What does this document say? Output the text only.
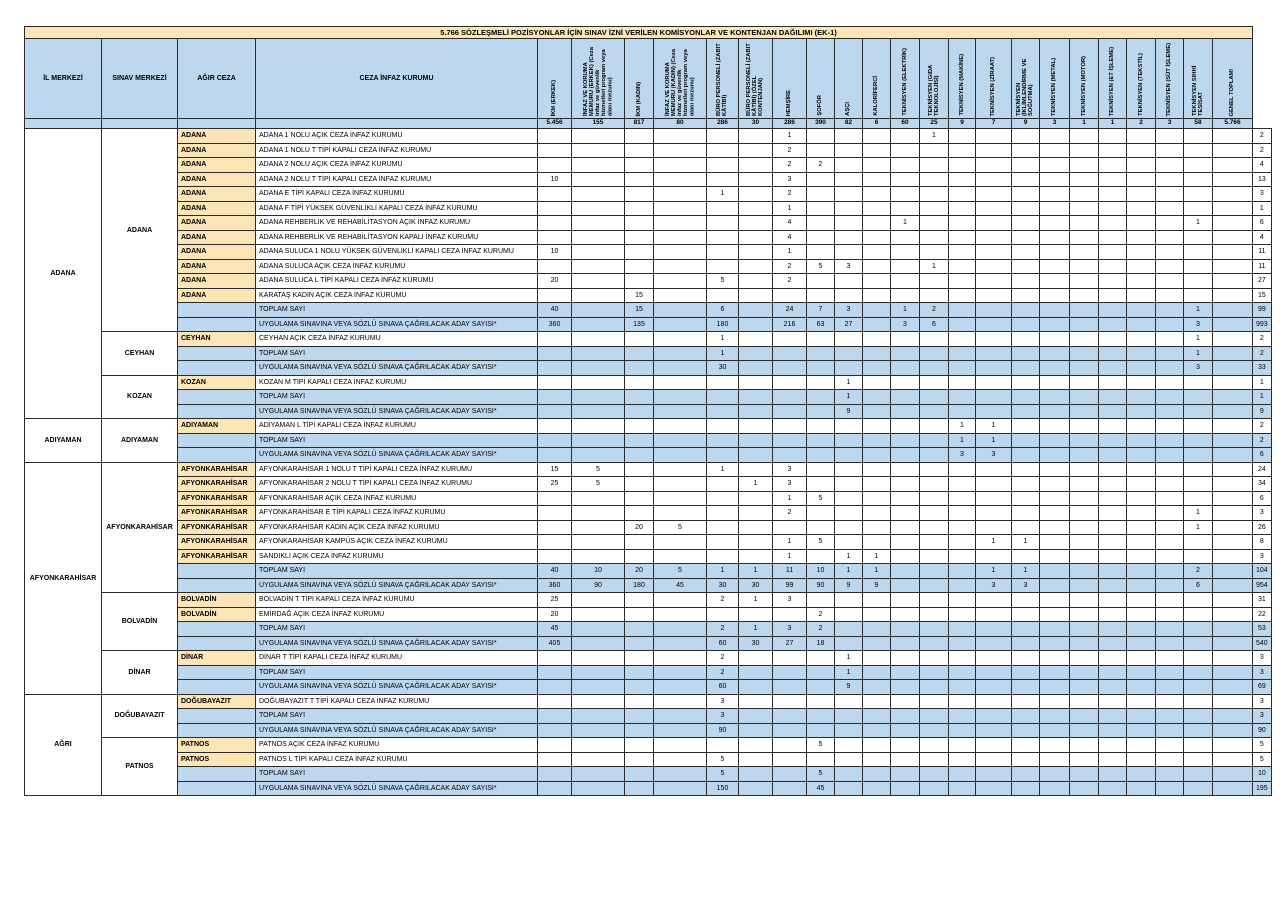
5.766 SÖZLEŞMELİ POZİSYONLAR İÇİN SINAV İZNİ VERİLEN KOMİSYONLAR VE KONTENJAN DAĞILIMI (EK-1)																										
İL MERKEZİ	SINAV MERKEZİ	AĞIR CEZA	CEZA İNFAZ KURUMU	İKM (ERKEK)	İNFAZ VE KORUMA MEMURU (ERKEK) (Ceza infaz ve güvenlik hizmetleri program veya alanı mezunu)	İKM (KADIN)	İNFAZ VE KORUMA MEMURU (KADIN) (Ceza infaz ve güvenlik hizmetleri program veya alanı mezunu)	BÜRO PERSONELİ (ZABIT KÂTİBİ)	BÜRO PERSONELİ (ZABIT KÂTİBİ) (ÖZEL KONTENJAN)	HEMŞİRE	ŞOFÖR	AŞÇI	KALORİFERCİ	TEKNİSYEN (ELEKTRİK)	TEKNİSYEN (GIDA TEKNOLOJİSİ)	TEKNİSYEN (MAKİNE)	TEKNİSYEN (ZİRAAT)	TEKNİSYEN (İKLİMLENDİRME VE SOĞUTMA)	TEKNİSYEN (METAL)	TEKNİSYEN (MOTOR)	TEKNİSYEN (ET İŞLEME)	TEKNİSYEN (TEKSTİL)	TEKNİSYEN (SÜT İŞLEME)	TEKNİSYEN SIHHİ TESİSAT	GENEL TOPLAMI	

				5.456	155	817	80	286	30	286	390	82	6	60	25	9	7	9	3	1	1	2	3	58	5.766	
ADANA	ADANA	ADANA	ADANA 1 NOLU AÇIK CEZA İNFAZ KURUMU							1					1											2
		ADANA	ADANA 1 NOLU T TİPİ KAPALI CEZA İNFAZ KURUMU							2																2
		ADANA	ADANA 2 NOLU AÇIK CEZA İNFAZ KURUMU							2	2															4
		ADANA	ADANA 2 NOLU T TİPİ KAPALI CEZA İNFAZ KURUMU	10						3																13
		ADANA	ADANA E TİPİ KAPALI CEZA İNFAZ KURUMU					1		2																3
		ADANA	ADANA F TİPİ YÜKSEK GÜVENLİKLİ KAPALI CEZA İNFAZ KURUMU							1																1
		ADANA	ADANA REHBERLİK VE REHABİLİTASYON AÇIK İNFAZ KURUMU							4				1										1		6
		ADANA	ADANA REHBERLİK VE REHABİLİTASYON KAPALI İNFAZ KURUMU							4																4
		ADANA	ADANA SULUCA 1 NOLU YÜKSEK GÜVENLİKLİ KAPALI CEZA İNFAZ KURUMU	10						1																11
		ADANA	ADANA SULUCA AÇIK CEZA İNFAZ KURUMU							2	5	3			1											11
		ADANA	ADANA SULUCA L TİPİ KAPALI CEZA İNFAZ KURUMU	20				5		2																27
		ADANA	KARATAŞ KADIN AÇIK CEZA İNFAZ KURUMU			15																				15
			TOPLAM SAYI	40		15		6		24	7	3		1	2									1		99
			UYGULAMA SINAVINA VEYA SÖZLÜ SINAVA ÇAĞRILACAK ADAY SAYISI*	360		135		180		216	63	27		3	6									3		993
	CEYHAN	CEYHAN	CEYHAN AÇIK CEZA İNFAZ KURUMU					1																1		2
			TOPLAM SAYI					1																1		2
			UYGULAMA SINAVINA VEYA SÖZLÜ SINAVA ÇAĞRILACAK ADAY SAYISI*					30																3		33
	KOZAN	KOZAN	KOZAN M TİPİ KAPALI CEZA İNFAZ KURUMU									1														1
			TOPLAM SAYI									1														1
			UYGULAMA SINAVINA VEYA SÖZLÜ SINAVA ÇAĞRILACAK ADAY SAYISI*									9														9
ADIYAMAN	ADIYAMAN	ADIYAMAN	ADIYAMAN L TİPİ KAPALI CEZA İNFAZ KURUMU													1	1									2
			TOPLAM SAYI													1	1									2
			UYGULAMA SINAVINA VEYA SÖZLÜ SINAVA ÇAĞRILACAK ADAY SAYISI*													3	3									6
AFYONKARAHİSAR	AFYONKARAHİSAR	AFYONKARAHİSAR	AFYONKARAHİSAR 1 NOLU T TİPİ KAPALI CEZA İNFAZ KURUMU	15	5			1		3																24
		AFYONKARAHİSAR	AFYONKARAHİSAR 2 NOLU T TİPİ KAPALI CEZA İNFAZ KURUMU	25	5				1	3																34
		AFYONKARAHİSAR	AFYONKARAHİSAR AÇIK CEZA İNFAZ KURUMU							1	5															6
		AFYONKARAHİSAR	AFYONKARAHİSAR E TİPİ KAPALI CEZA İNFAZ KURUMU							2														1		3
		AFYONKARAHİSAR	AFYONKARAHİSAR KADIN AÇIK CEZA İNFAZ KURUMU			20	5																	1		26
		AFYONKARAHİSAR	AFYONKARAHİSAR KAMPÜS AÇIK CEZA İNFAZ KURUMU							1	5						1	1								8
		AFYONKARAHİSAR	SANDIKLI AÇIK CEZA İNFAZ KURUMU							1		1	1													3
			TOPLAM SAYI	40	10	20	5	1	1	11	10	1	1				1	1						2		104
			UYGULAMA SINAVINA VEYA SÖZLÜ SINAVA ÇAĞRILACAK ADAY SAYISI*	360	90	180	45	30	30	99	90	9	9				3	3						6		954
	BOLVADİN	BOLVADİN	BOLVADİN T TİPİ KAPALI CEZA İNFAZ KURUMU	25				2	1	3																31
		BOLVADİN	EMİRDAĞ AÇIK CEZA İNFAZ KURUMU	20							2															22
			TOPLAM SAYI	45				2	1	3	2															53
			UYGULAMA SINAVINA VEYA SÖZLÜ SINAVA ÇAĞRILACAK ADAY SAYISI*	405				60	30	27	18															540
	DİNAR	DİNAR	DİNAR T TİPİ KAPALI CEZA İNFAZ KURUMU					2				1														3
			TOPLAM SAYI					2				1														3
			UYGULAMA SINAVINA VEYA SÖZLÜ SINAVA ÇAĞRILACAK ADAY SAYISI*					60				9														69
AĞRI	DOĞUBAYAZIT	DOĞUBAYAZIT	DOĞUBAYAZIT T TİPİ KAPALI CEZA İNFAZ KURUMU					3																		3
			TOPLAM SAYI					3																		3
			UYGULAMA SINAVINA VEYA SÖZLÜ SINAVA ÇAĞRILACAK ADAY SAYISI*					90																		90
	PATNOS	PATNOS	PATNOS AÇIK CEZA İNFAZ KURUMU								5															5
		PATNOS	PATNOS L TİPİ KAPALI CEZA İNFAZ KURUMU					5																		5
			TOPLAM SAYI					5			5															10
			UYGULAMA SINAVINA VEYA SÖZLÜ SINAVA ÇAĞRILACAK ADAY SAYISI*					150			45															195
